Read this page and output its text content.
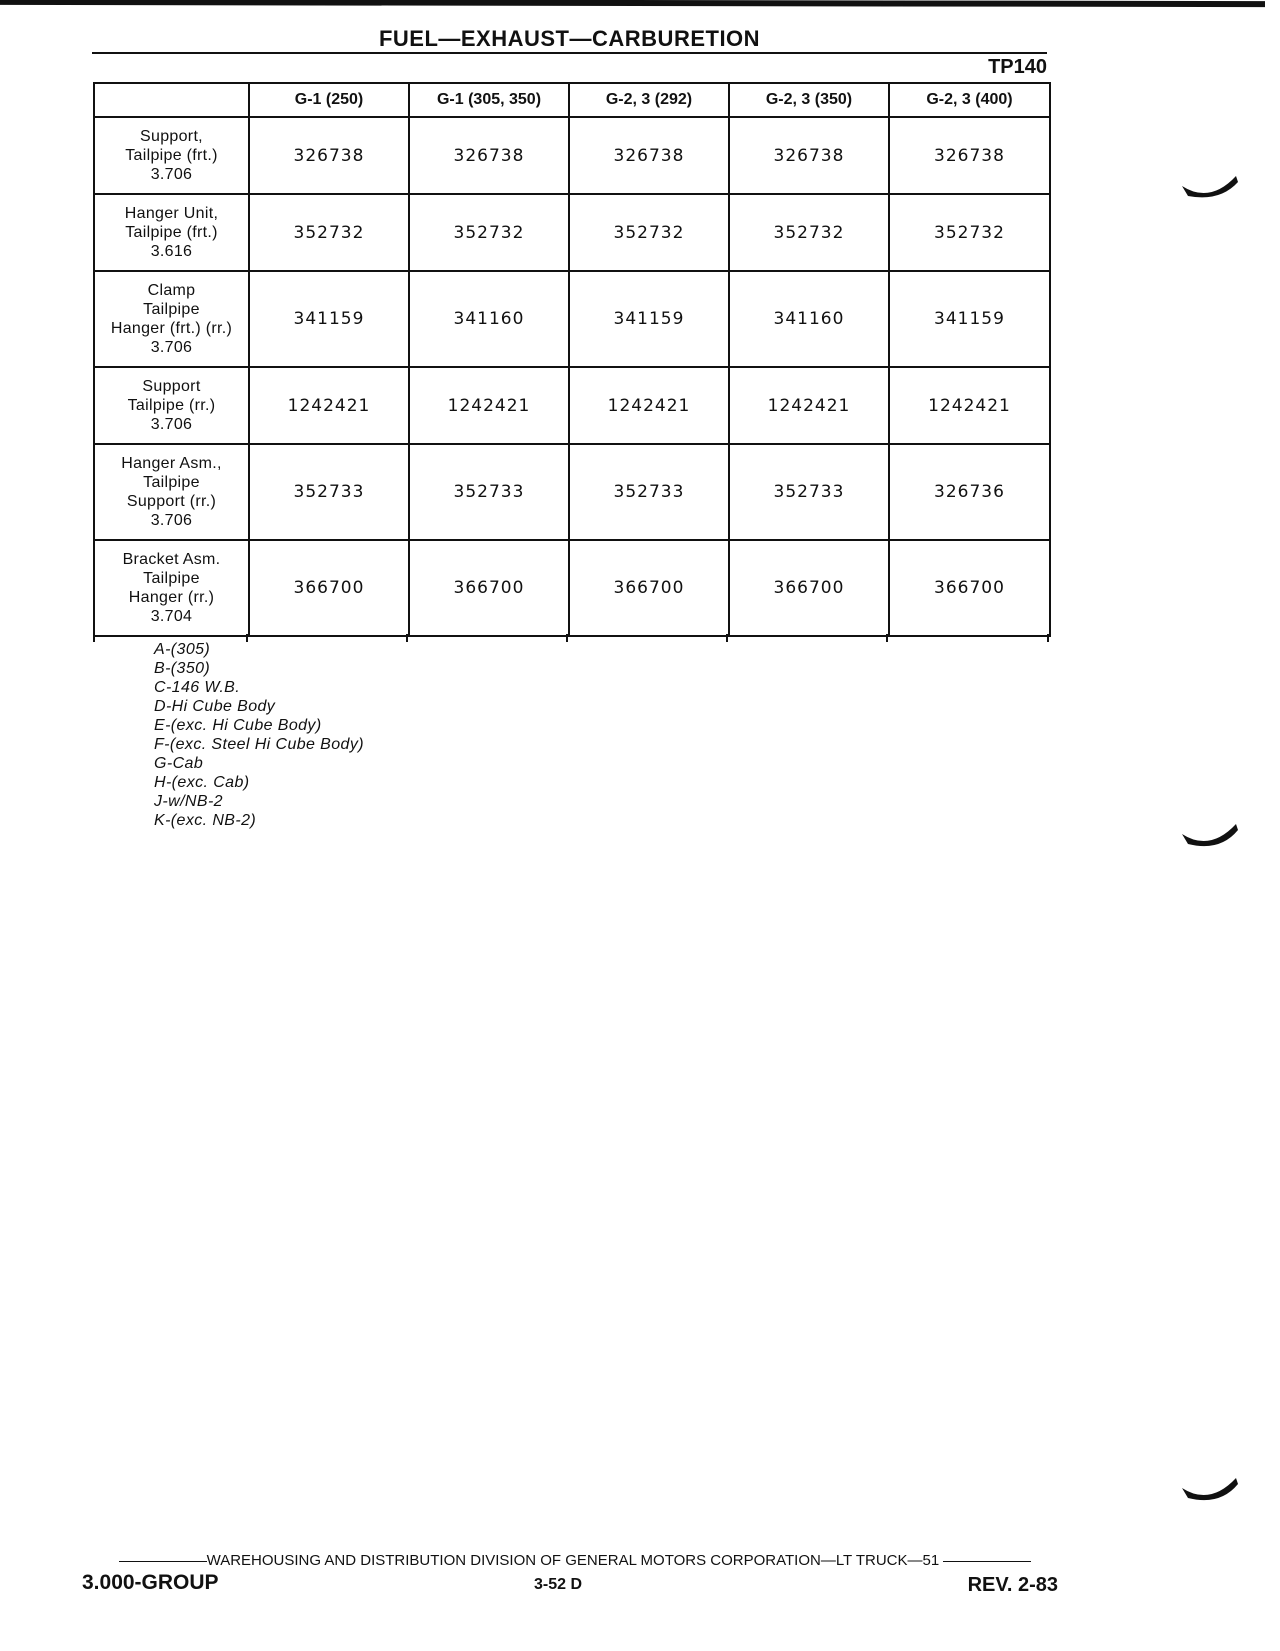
FUEL—EXHAUST—CARBURETION
TP140
	G-1 (250)	G-1 (305, 350)	G-2, 3 (292)	G-2, 3 (350)	G-2, 3 (400)

Support,
Tailpipe (frt.)
3.706	326738	326738	326738	326738	326738

Hanger Unit,
Tailpipe (frt.)
3.616	352732	352732	352732	352732	352732

Clamp
Tailpipe
Hanger (frt.) (rr.)
3.706	341159	341160	341159	341160	341159

Support
Tailpipe (rr.)
3.706	1242421	1242421	1242421	1242421	1242421

Hanger Asm.,
Tailpipe
Support (rr.)
3.706	352733	352733	352733	352733	326736

Bracket Asm.
Tailpipe
Hanger (rr.)
3.704	366700	366700	366700	366700	366700
A-(305)
B-(350)
C-146 W.B.
D-Hi Cube Body
E-(exc. Hi Cube Body)
F-(exc. Steel Hi Cube Body)
G-Cab
H-(exc. Cab)
J-w/NB-2
K-(exc. NB-2)
WAREHOUSING AND DISTRIBUTION DIVISION OF GENERAL MOTORS CORPORATION—LT TRUCK—51
3.000-GROUP	3-52 D	REV. 2-83
